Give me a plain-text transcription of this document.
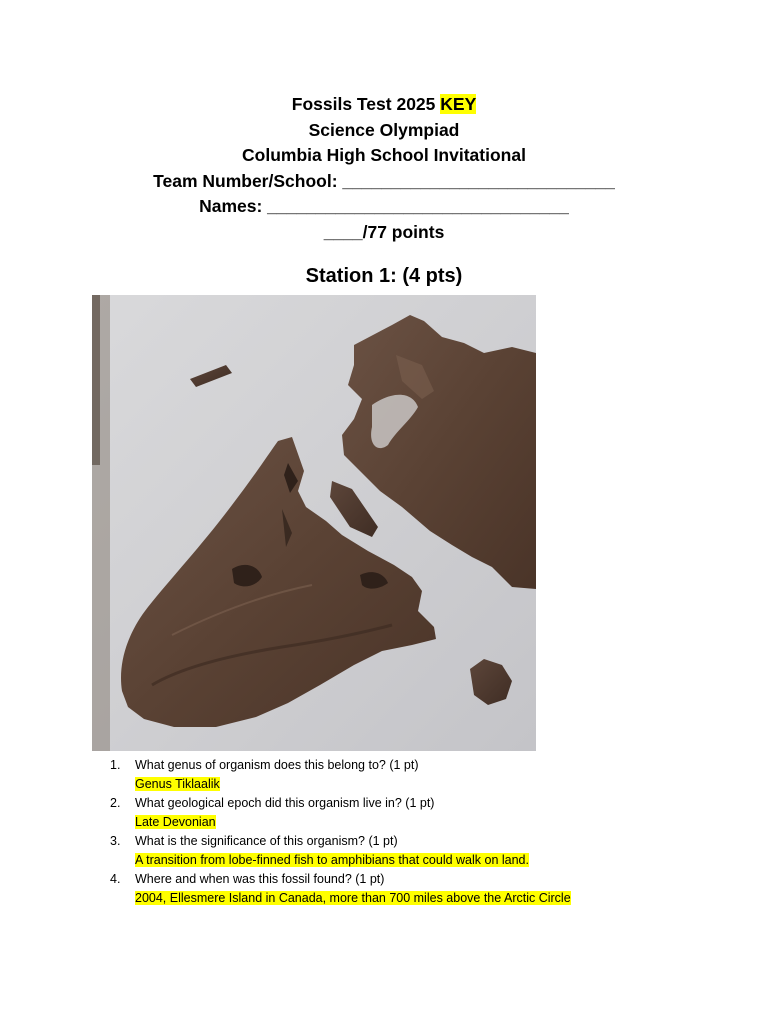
Fossils Test 2025 KEY
Science Olympiad
Columbia High School Invitational
Team Number/School: ____________________________
Names: _______________________________
____/77 points
Station 1: (4 pts)
1.	What genus of organism does this belong to? (1 pt)
Genus Tiklaalik
2.	What geological epoch did this organism live in? (1 pt)
Late Devonian
3.	What is the significance of this organism? (1 pt)
A transition from lobe-finned fish to amphibians that could walk on land.
4.	Where and when was this fossil found? (1 pt)
2004, Ellesmere Island in Canada, more than 700 miles above the Arctic Circle
